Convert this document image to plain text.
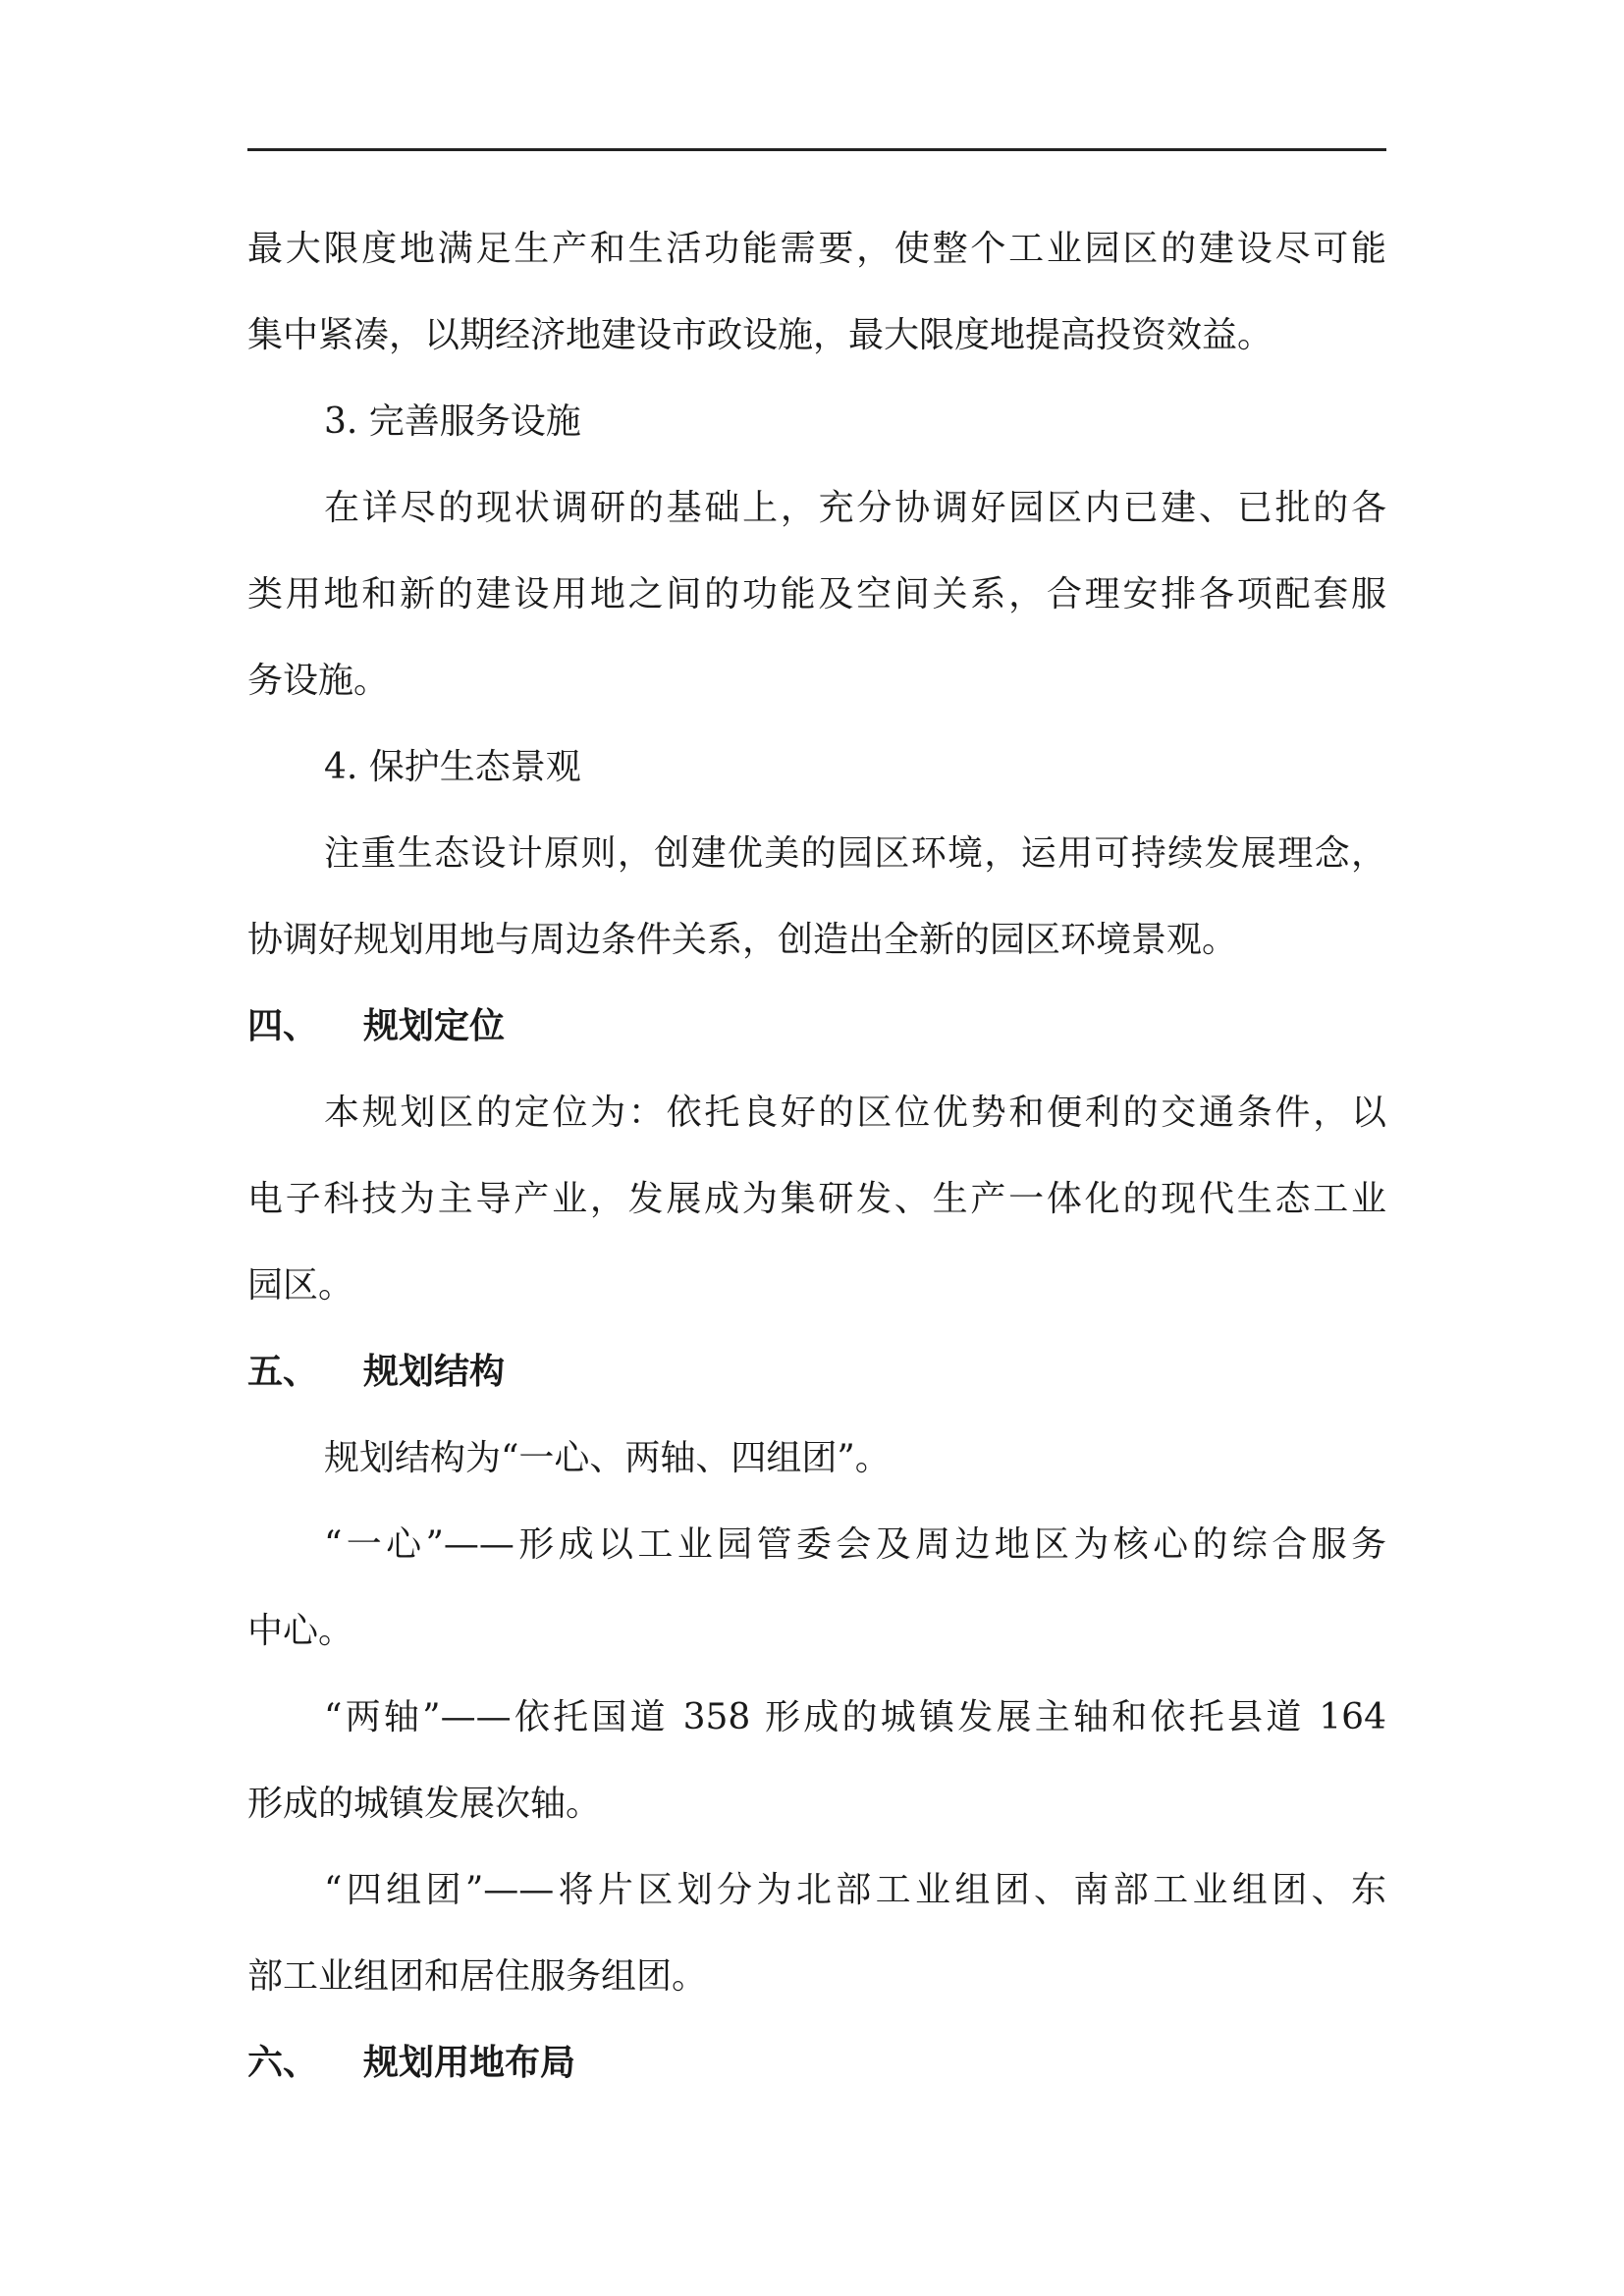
最大限度地满足生产和生活功能需要，使整个工业园区的建设尽可能
集中紧凑，以期经济地建设市政设施，最大限度地提高投资效益。
3. 完善服务设施
在详尽的现状调研的基础上，充分协调好园区内已建、已批的各
类用地和新的建设用地之间的功能及空间关系，合理安排各项配套服
务设施。
4. 保护生态景观
注重生态设计原则，创建优美的园区环境，运用可持续发展理念，
协调好规划用地与周边条件关系，创造出全新的园区环境景观。
四、 规划定位
本规划区的定位为：依托良好的区位优势和便利的交通条件，以
电子科技为主导产业，发展成为集研发、生产一体化的现代生态工业
园区。
五、 规划结构
规划结构为“一心、两轴、四组团”。
“一心”——形成以工业园管委会及周边地区为核心的综合服务
中心。
“两轴”——依托国道 358 形成的城镇发展主轴和依托县道 164
形成的城镇发展次轴。
“四组团”——将片区划分为北部工业组团、南部工业组团、东
部工业组团和居住服务组团。
六、 规划用地布局
